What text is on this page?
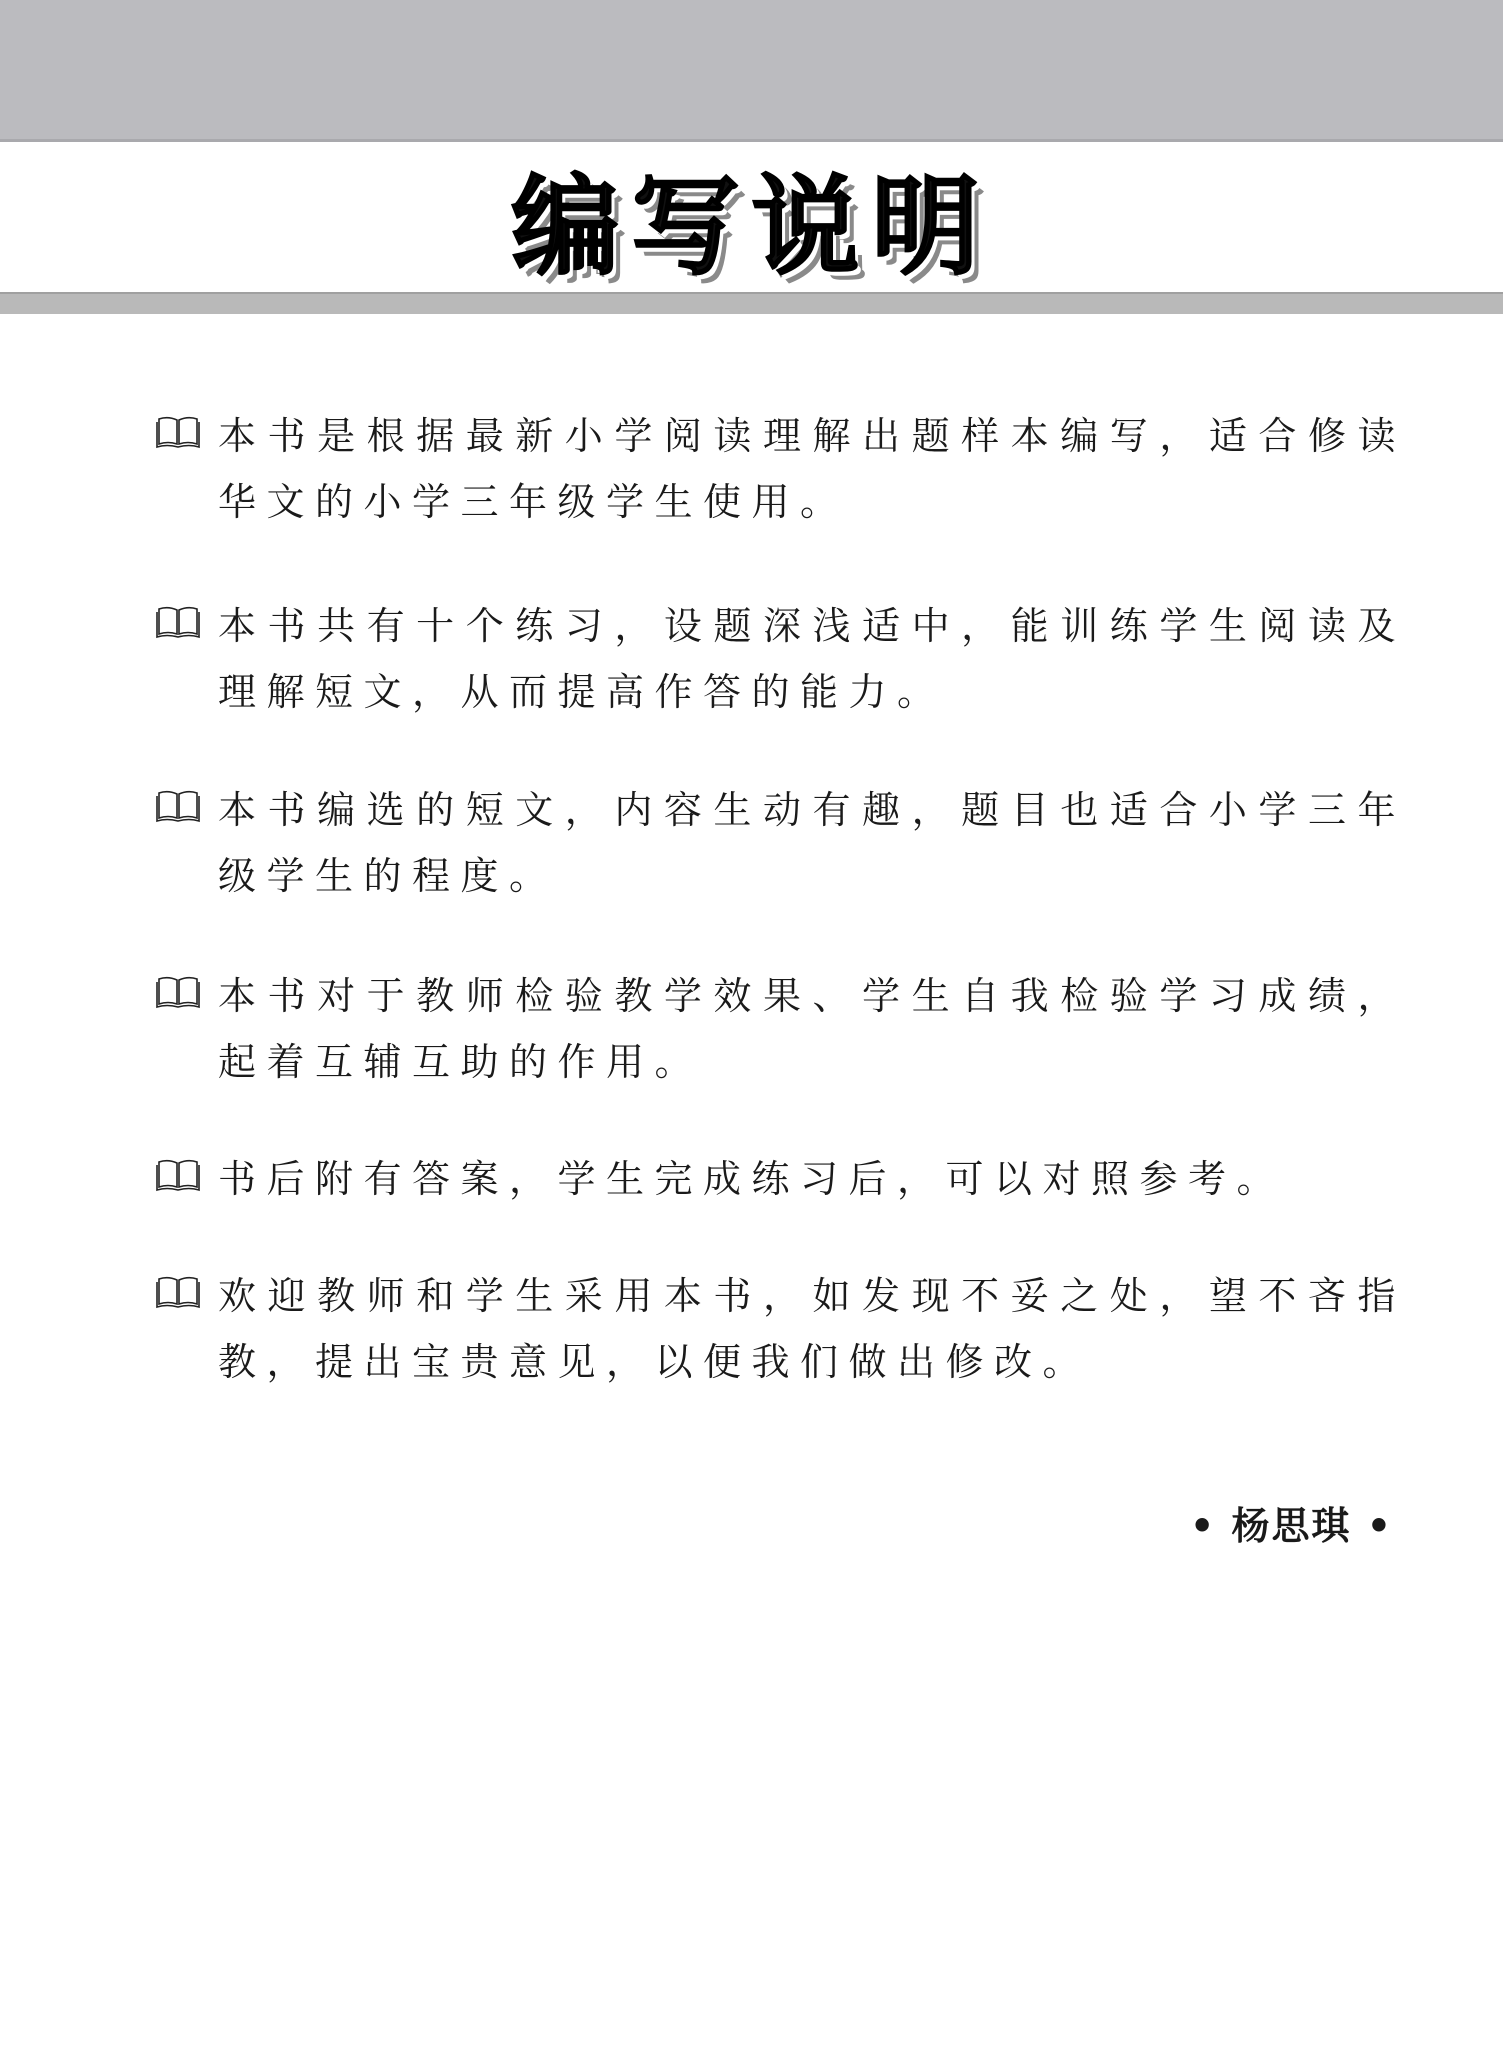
编写说明
本书是根据最新小学阅读理解出题样本编写，适合修读华文的小学三年级学生使用。
本书共有十个练习，设题深浅适中，能训练学生阅读及理解短文，从而提高作答的能力。
本书编选的短文，内容生动有趣，题目也适合小学三年级学生的程度。
本书对于教师检验教学效果、学生自我检验学习成绩，起着互辅互助的作用。
书后附有答案，学生完成练习后，可以对照参考。
欢迎教师和学生采用本书，如发现不妥之处，望不吝指教，提出宝贵意见，以便我们做出修改。
• 杨思琪 •
